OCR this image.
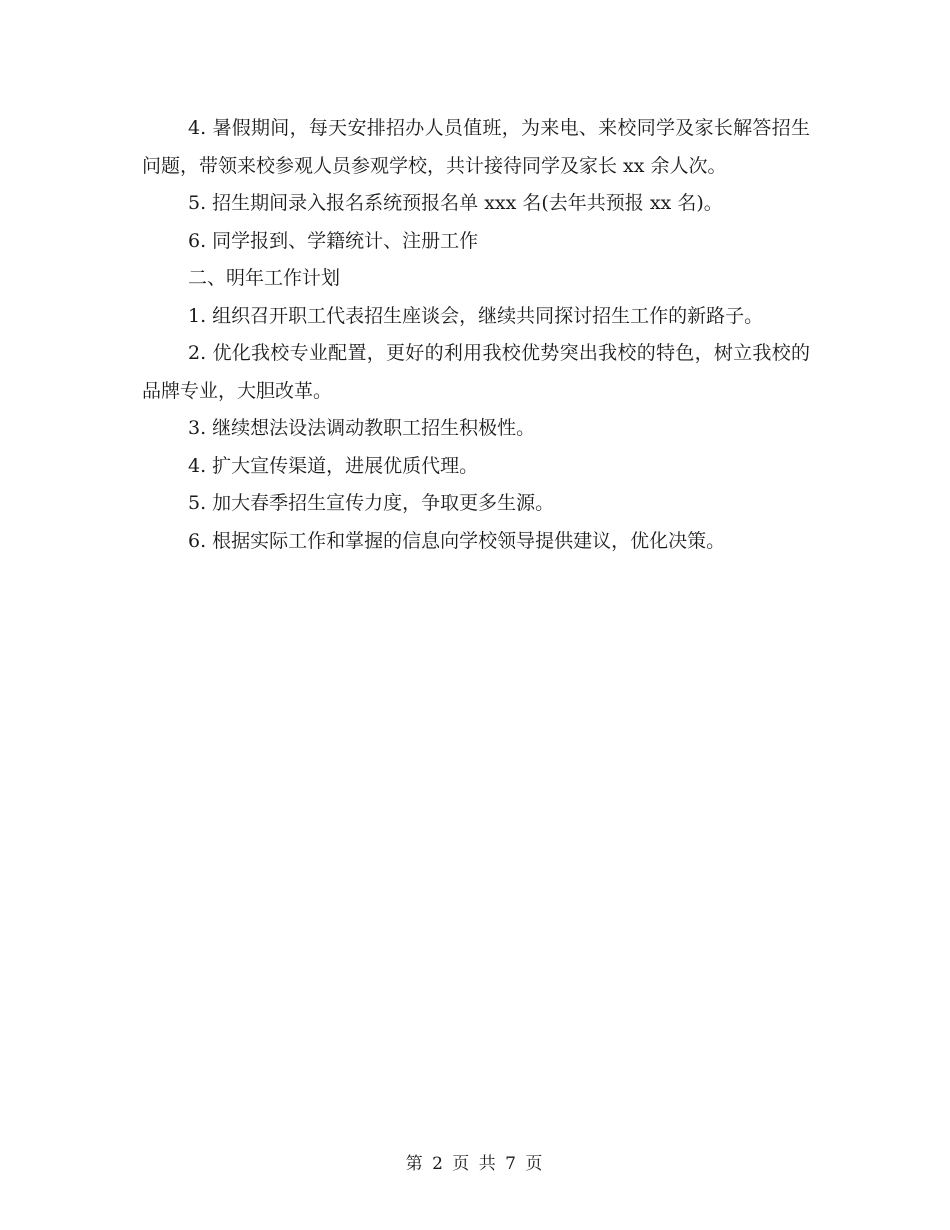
4. 暑假期间，每天安排招办人员值班，为来电、来校同学及家长解答招生问题，带领来校参观人员参观学校，共计接待同学及家长 xx 余人次。

5. 招生期间录入报名系统预报名单 xxx 名(去年共预报 xx 名)。

6. 同学报到、学籍统计、注册工作

二、明年工作计划

1. 组织召开职工代表招生座谈会，继续共同探讨招生工作的新路子。

2. 优化我校专业配置，更好的利用我校优势突出我校的特色，树立我校的品牌专业，大胆改革。

3. 继续想法设法调动教职工招生积极性。

4. 扩大宣传渠道，进展优质代理。

5. 加大春季招生宣传力度，争取更多生源。

6. 根据实际工作和掌握的信息向学校领导提供建议，优化决策。

第 2 页 共 7 页
